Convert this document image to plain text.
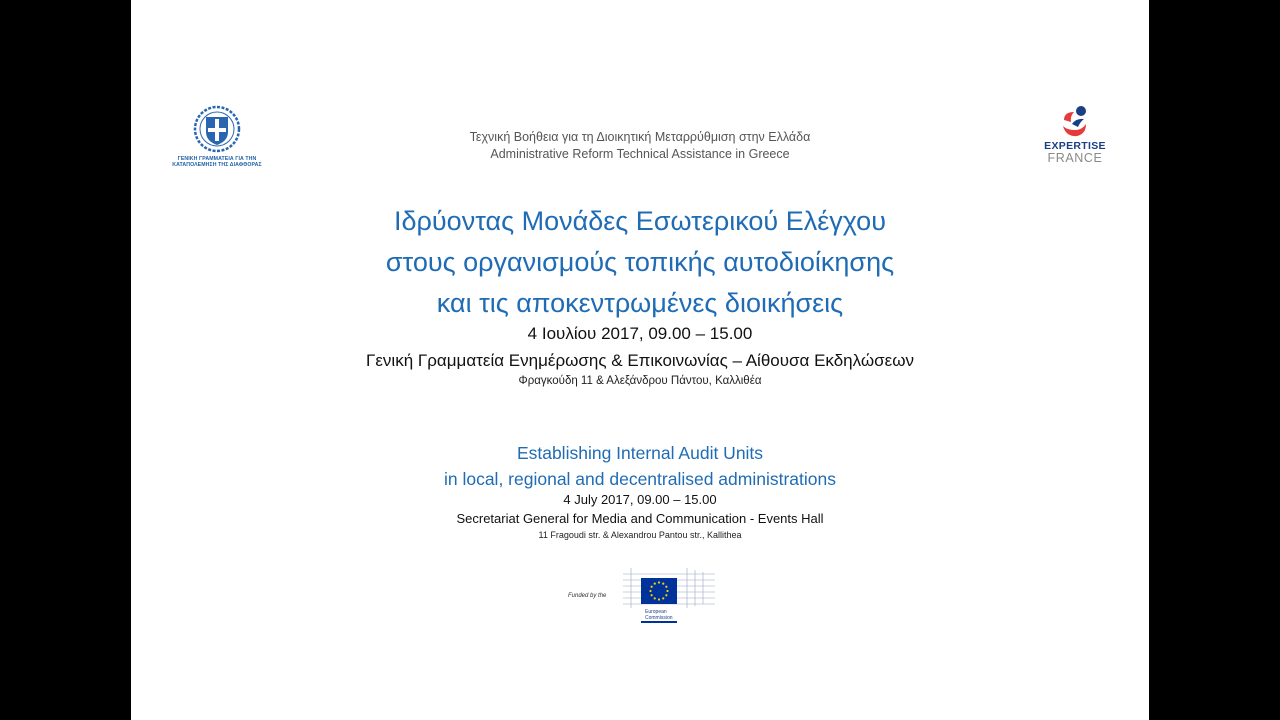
ΓΕΝΙΚΗ ΓΡΑΜΜΑΤΕΙΑ ΓΙΑ ΤΗΝ
ΚΑΤΑΠΟΛΕΜΗΣΗ ΤΗΣ ΔΙΑΦΘΟΡΑΣ
EXPERTISE
FRANCE
Τεχνική Βοήθεια για τη Διοικητική Μεταρρύθμιση στην Ελλάδα
Administrative Reform Technical Assistance in Greece
Ιδρύοντας Μονάδες Εσωτερικού Ελέγχου
στους οργανισμούς τοπικής αυτοδιοίκησης
και τις αποκεντρωμένες διοικήσεις
4 Ιουλίου 2017, 09.00 – 15.00
Γενική Γραμματεία Ενημέρωσης & Επικοινωνίας – Αίθουσα Εκδηλώσεων
Φραγκούδη 11 & Αλεξάνδρου Πάντου, Καλλιθέα
Establishing Internal Audit Units
in local, regional and decentralised administrations
4 July 2017, 09.00 – 15.00
Secretariat General for Media and Communication - Events Hall
11 Fragoudi str. & Alexandrou Pantou str., Kallithea
Funded by the
European
Commission
